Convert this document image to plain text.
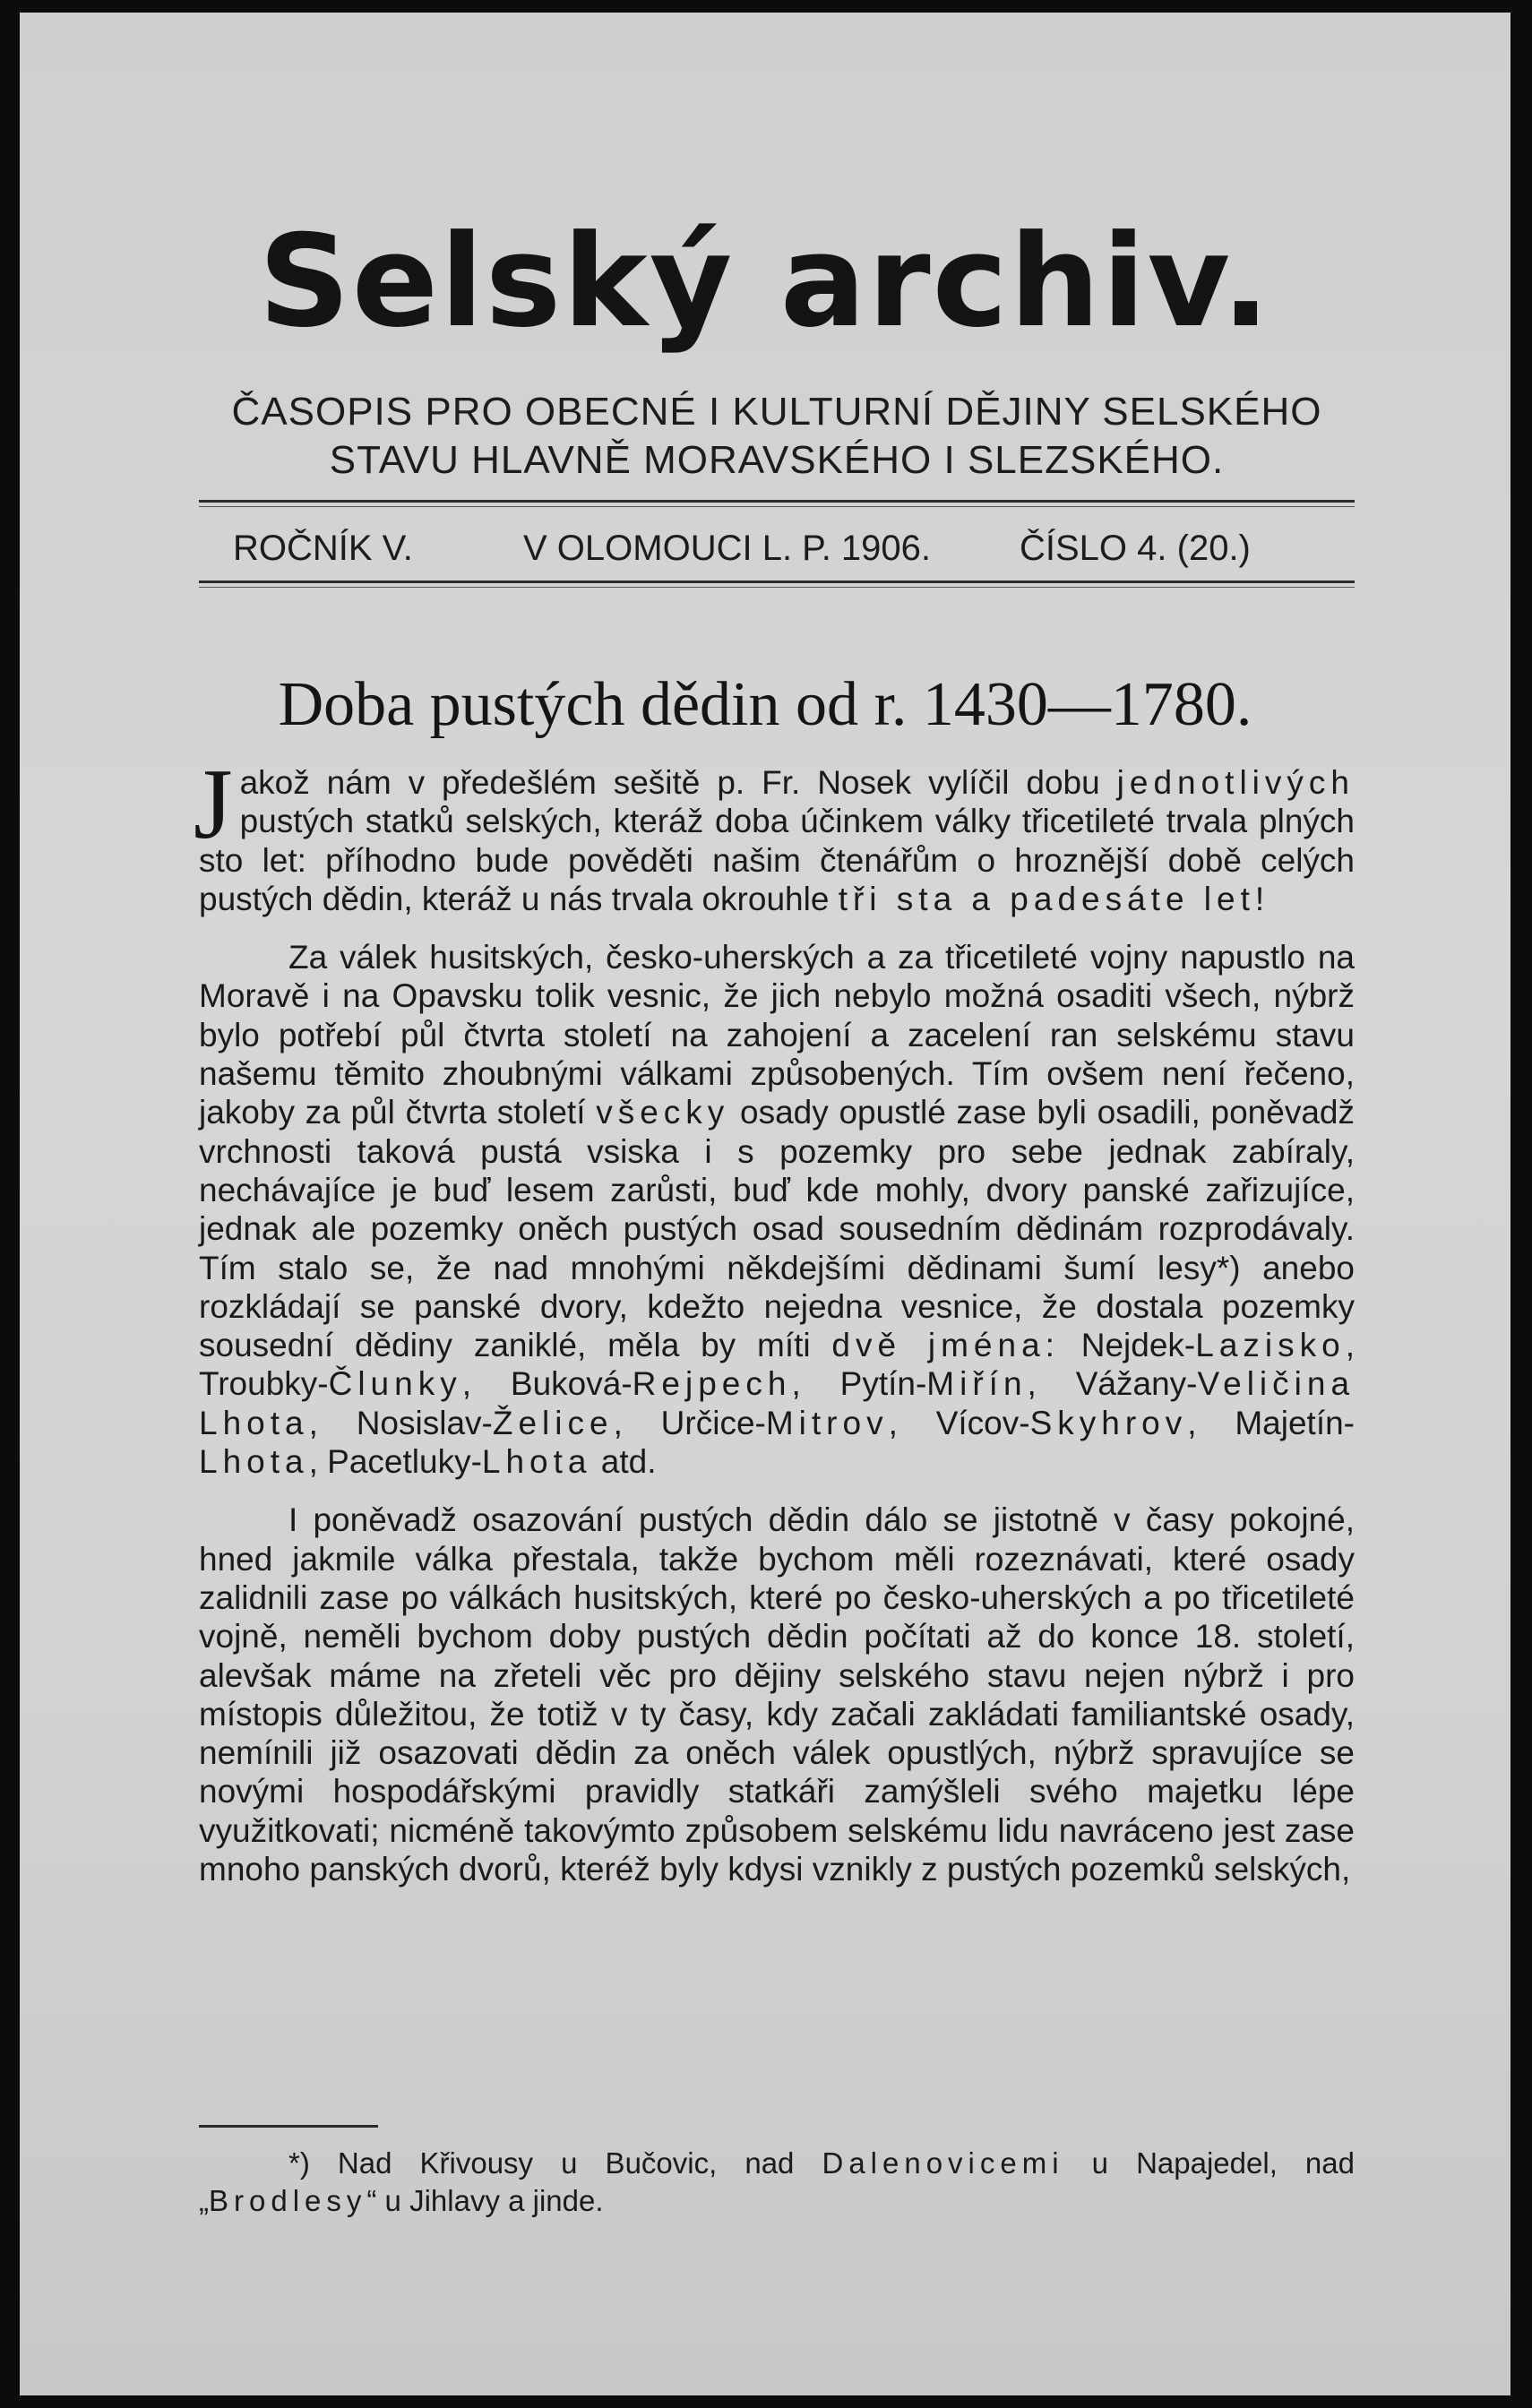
Selský archiv.
ČASOPIS PRO OBECNÉ I KULTURNÍ DĚJINY SELSKÉHO
STAVU HLAVNĚ MORAVSKÉHO I SLEZSKÉHO.
ROČNÍK V.	V OLOMOUCI L. P. 1906. ČÍSLO 4. (20.)
Doba pustých dědin od r. 1430—1780.

Jakož nám v předešlém sešitě p. Fr. Nosek vylíčil dobu jednotlivých pustých statků selských, kteráž doba účinkem války třicetileté trvala plných sto let: příhodno bude pověděti našim čtenářům o hroznější době celých pustých dědin, kteráž u nás trvala okrouhle tři sta a padesáte let!

Za válek husitských, česko-uherských a za třicetileté vojny napustlo na Moravě i na Opavsku tolik vesnic, že jich nebylo možná osaditi všech, nýbrž bylo potřebí půl čtvrta století na zahojení a zacelení ran selskému stavu našemu těmito zhoubnými válkami způsobených. Tím ovšem není řečeno, jakoby za půl čtvrta století všecky osady opustlé zase byli osadili, poněvadž vrchnosti taková pustá vsiska i s pozemky pro sebe jednak zabíraly, nechávajíce je buď lesem zarůsti, buď kde mohly, dvory panské zařizujíce, jednak ale pozemky oněch pustých osad sousedním dědinám rozprodávaly. Tím stalo se, že nad mnohými někdejšími dědinami šumí lesy*) anebo rozkládají se panské dvory, kdežto nejedna vesnice, že dostala pozemky sousední dědiny zaniklé, měla by míti dvě jména: Nejdek-Lazisko, Troubky-Člunky, Buková-Rejpech, Pytín-Miřín, Vážany-Veličina Lhota, Nosislav-Želice, Určice-Mitrov, Vícov-Skyhrov, Majetín-Lhota, Pacetluky-Lhota atd.

I poněvadž osazování pustých dědin dálo se jistotně v časy pokojné, hned jakmile válka přestala, takže bychom měli rozeznávati, které osady zalidnili zase po válkách husitských, které po česko-uherských a po třicetileté vojně, neměli bychom doby pustých dědin počítati až do konce 18. století, alevšak máme na zřeteli věc pro dějiny selského stavu nejen nýbrž i pro místopis důležitou, že totiž v ty časy, kdy začali zakládati familiantské osady, nemínili již osazovati dědin za oněch válek opustlých, nýbrž spravujíce se novými hospodářskými pravidly statkáři zamýšleli svého majetku lépe využitkovati; nicméně takovýmto způsobem selskému lidu navráceno jest zase mnoho panských dvorů, kteréž byly kdysi vznikly z pustých pozemků selských,

*) Nad Křivousy u Bučovic, nad Dalenovicemi u Napajedel, nad „Brodlesy“ u Jihlavy a jinde.
